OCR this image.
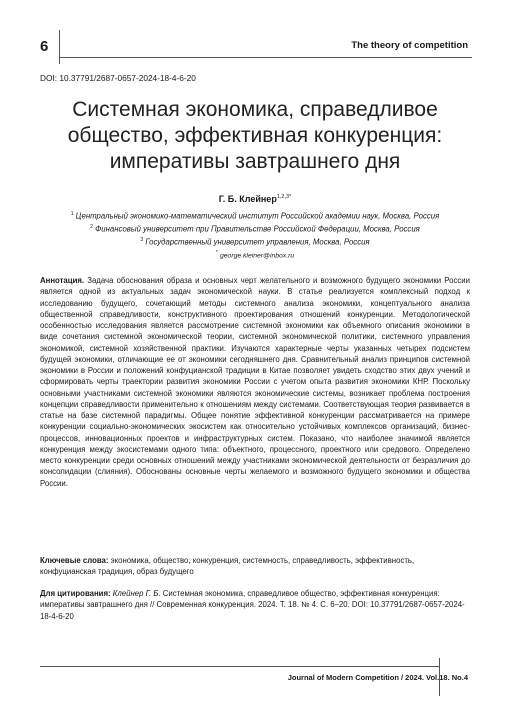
6	The theory of competition
DOI: 10.37791/2687-0657-2024-18-4-6-20
Системная экономика, справедливое общество, эффективная конкуренция: императивы завтрашнего дня
Г. Б. Клейнер$^{1,2,3*}$
$^1$ Центральный экономико-математический институт Российской академии наук, Москва, Россия
$^2$ Финансовый университет при Правительстве Российской Федерации, Москва, Россия
$^3$ Государственный университет управления, Москва, Россия
* george.kleiner@inbox.ru
Аннотация. Задача обоснования образа и основных черт желательного и возможного будущего экономики России является одной из актуальных задач экономической науки. В статье реализуется комплексный подход к исследованию будущего, сочетающий методы системного анализа экономики, концептуального анализа общественной справедливости, конструктивного проектирования отношений конкуренции. Методологической особенностью исследования является рассмотрение системной экономики как объемного описания экономики в виде сочетания системной экономической теории, системной экономической политики, системного управления экономикой, системной хозяйственной практики. Изучаются характерные черты указанных четырех подсистем будущей экономики, отличающие ее от экономики сегодняшнего дня. Сравнительный анализ принципов системной экономики в России и положений конфуцианской традиции в Китае позволяет увидеть сходство этих двух учений и сформировать черты траектории развития экономики России с учетом опыта развития экономики КНР. Поскольку основными участниками системной экономики являются экономические системы, возникает проблема построения концепции справедливости применительно к отношениям между системами. Соответствующая теория развивается в статье на базе системной парадигмы. Общее понятие эффективной конкуренции рассматривается на примере конкуренции социально-экономических экосистем как относительно устойчивых комплексов организаций, бизнес-процессов, инновационных проектов и инфраструктурных систем. Показано, что наиболее значимой является конкуренция между экосистемами одного типа: объектного, процессного, проектного или средового. Определено место конкуренции среди основных отношений между участниками экономической деятельности от безразличия до консолидации (слияния). Обоснованы основные черты желаемого и возможного будущего экономики и общества России.
Ключевые слова: экономика, общество, конкуренция, системность, справедливость, эффективность, конфуцианская традиция, образ будущего
Для цитирования: Клейнер Г. Б. Системная экономика, справедливое общество, эффективная конкуренция: императивы завтрашнего дня // Современная конкуренция. 2024. Т. 18. № 4. С. 6–20. DOI: 10.37791/2687-0657-2024-18-4-6-20
Journal of Modern Competition / 2024. Vol.18. No.4
